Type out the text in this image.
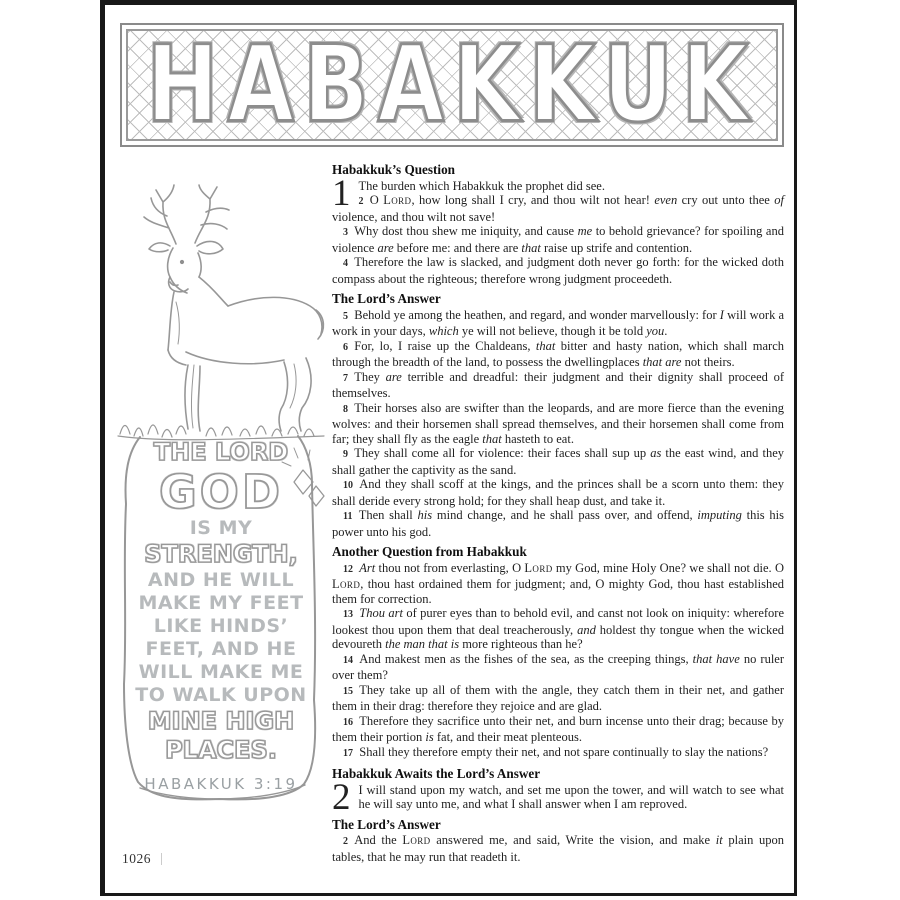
HABAKKUK
THE LORD
GOD
IS MY
STRENGTH,
AND HE WILL
MAKE MY FEET
LIKE HINDS’
FEET, AND HE
WILL MAKE ME
TO WALK UPON
MINE HIGH
PLACES.
HABAKKUK 3:19
Habakkuk’s Question
1 The burden which Habakkuk the prophet did see.

2 O Lord, how long shall I cry, and thou wilt not hear! even cry out unto thee of violence, and thou wilt not save!

3 Why dost thou shew me iniquity, and cause me to behold grievance? for spoiling and violence are before me: and there are that raise up strife and contention.

4 Therefore the law is slacked, and judgment doth never go forth: for the wicked doth compass about the righteous; therefore wrong judgment proceedeth.

The Lord’s Answer

5 Behold ye among the heathen, and regard, and wonder marvellously: for I will work a work in your days, which ye will not believe, though it be told you.

6 For, lo, I raise up the Chaldeans, that bitter and hasty nation, which shall march through the breadth of the land, to possess the dwellingplaces that are not theirs.

7 They are terrible and dreadful: their judgment and their dignity shall proceed of themselves.

8 Their horses also are swifter than the leopards, and are more fierce than the evening wolves: and their horsemen shall spread themselves, and their horsemen shall come from far; they shall fly as the eagle that hasteth to eat.

9 They shall come all for violence: their faces shall sup up as the east wind, and they shall gather the captivity as the sand.

10 And they shall scoff at the kings, and the princes shall be a scorn unto them: they shall deride every strong hold; for they shall heap dust, and take it.

11 Then shall his mind change, and he shall pass over, and offend, imputing this his power unto his god.

Another Question from Habakkuk

12  Art thou not from everlasting, O Lord my God, mine Holy One? we shall not die. O Lord, thou hast ordained them for judgment; and, O mighty God, thou hast established them for correction.

13  Thou art of purer eyes than to behold evil, and canst not look on iniquity: wherefore lookest thou upon them that deal treacherously, and holdest thy tongue when the wicked devoureth the man that is more righteous than he?

14 And makest men as the fishes of the sea, as the creeping things, that have no ruler over them?

15 They take up all of them with the angle, they catch them in their net, and gather them in their drag: therefore they rejoice and are glad.

16 Therefore they sacrifice unto their net, and burn incense unto their drag; because by them their portion is fat, and their meat plenteous.

17 Shall they therefore empty their net, and not spare continually to slay the nations?

Habakkuk Awaits the Lord’s Answer
2 I will stand upon my watch, and set me upon the tower, and will watch to see what he will say unto me, and what I shall answer when I am reproved.

The Lord’s Answer

2 And the Lord answered me, and said, Write the vision, and make it plain upon tables, that he may run that readeth it.

1026
